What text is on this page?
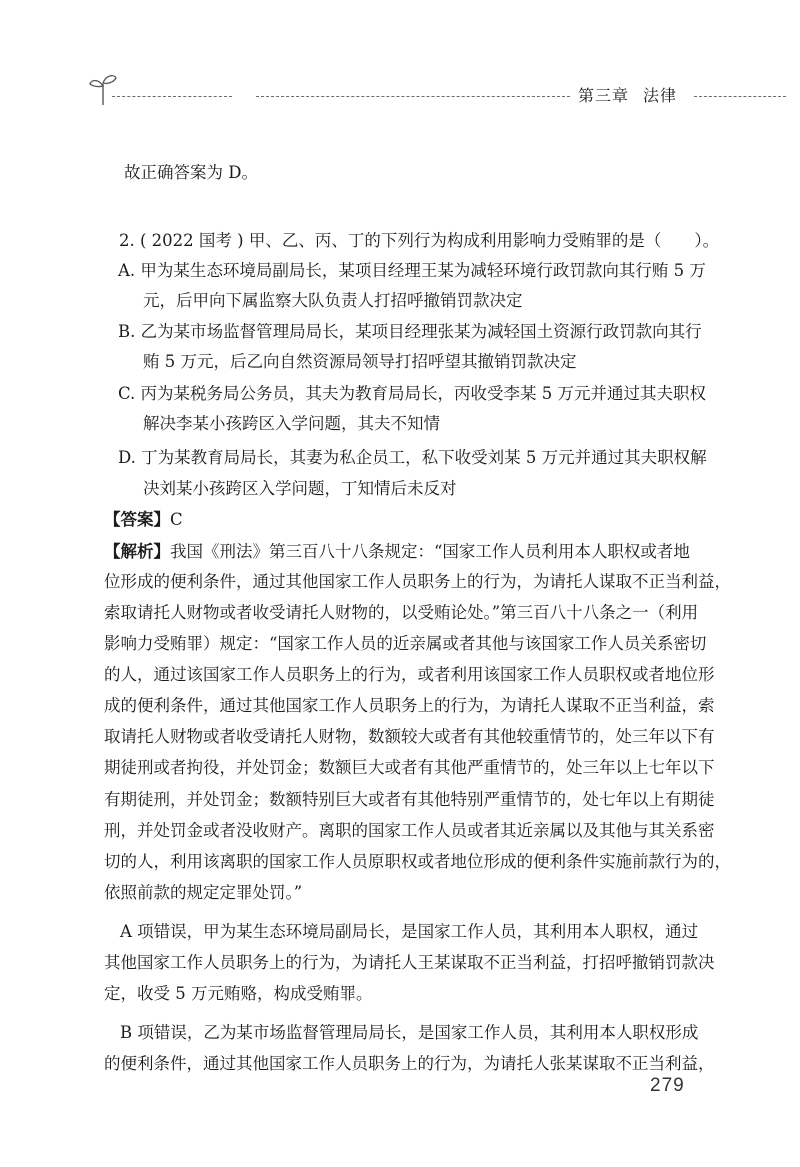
第三章 法律
故正确答案为 D。
2. ( 2022 国考 ) 甲、乙、丙、丁的下列行为构成利用影响力受贿罪的是（　　）。
A. 甲为某生态环境局副局长，某项目经理王某为减轻环境行政罚款向其行贿 5 万
元，后甲向下属监察大队负责人打招呼撤销罚款决定
B. 乙为某市场监督管理局局长，某项目经理张某为减轻国土资源行政罚款向其行
贿 5 万元，后乙向自然资源局领导打招呼望其撤销罚款决定
C. 丙为某税务局公务员，其夫为教育局局长，丙收受李某 5 万元并通过其夫职权
解决李某小孩跨区入学问题，其夫不知情
D. 丁为某教育局局长，其妻为私企员工，私下收受刘某 5 万元并通过其夫职权解
决刘某小孩跨区入学问题，丁知情后未反对
【答案】C
【解析】我国《刑法》第三百八十八条规定：“国家工作人员利用本人职权或者地
位形成的便利条件，通过其他国家工作人员职务上的行为，为请托人谋取不正当利益，
索取请托人财物或者收受请托人财物的，以受贿论处。”第三百八十八条之一（利用
影响力受贿罪）规定：“国家工作人员的近亲属或者其他与该国家工作人员关系密切
的人，通过该国家工作人员职务上的行为，或者利用该国家工作人员职权或者地位形
成的便利条件，通过其他国家工作人员职务上的行为，为请托人谋取不正当利益，索
取请托人财物或者收受请托人财物，数额较大或者有其他较重情节的，处三年以下有
期徒刑或者拘役，并处罚金；数额巨大或者有其他严重情节的，处三年以上七年以下
有期徒刑，并处罚金；数额特别巨大或者有其他特别严重情节的，处七年以上有期徒
刑，并处罚金或者没收财产。离职的国家工作人员或者其近亲属以及其他与其关系密
切的人，利用该离职的国家工作人员原职权或者地位形成的便利条件实施前款行为的，
依照前款的规定定罪处罚。”
A 项错误，甲为某生态环境局副局长，是国家工作人员，其利用本人职权，通过
其他国家工作人员职务上的行为，为请托人王某谋取不正当利益，打招呼撤销罚款决
定，收受 5 万元贿赂，构成受贿罪。
B 项错误，乙为某市场监督管理局局长，是国家工作人员，其利用本人职权形成
的便利条件，通过其他国家工作人员职务上的行为，为请托人张某谋取不正当利益，
279
